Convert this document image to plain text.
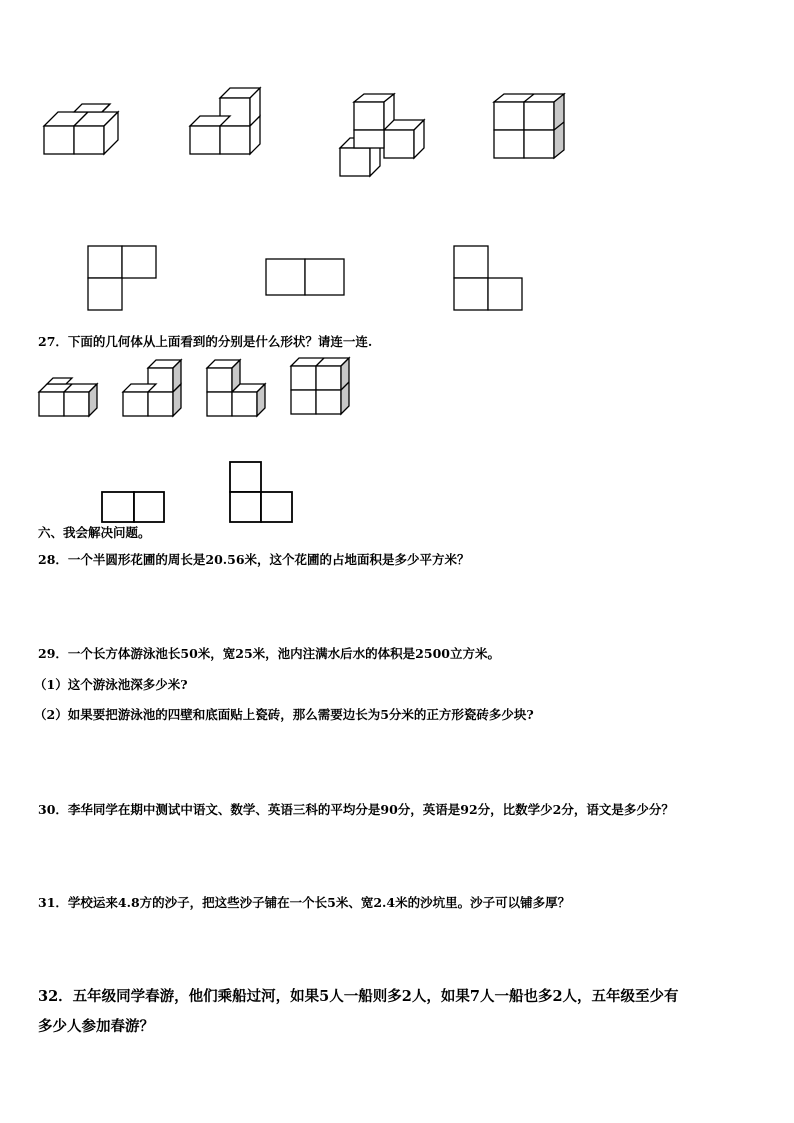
27．下面的几何体从上面看到的分别是什么形状？请连一连.
六、我会解决问题。
28．一个半圆形花圃的周长是20.56米，这个花圃的占地面积是多少平方米？
29．一个长方体游泳池长50米，宽25米，池内注满水后水的体积是2500立方米。
（1）这个游泳池深多少米?
（2）如果要把游泳池的四壁和底面贴上瓷砖，那么需要边长为5分米的正方形瓷砖多少块?
30．李华同学在期中测试中语文、数学、英语三科的平均分是90分，英语是92分，比数学少2分，语文是多少分？
31．学校运来4.8方的沙子，把这些沙子铺在一个长5米、宽2.4米的沙坑里。沙子可以铺多厚？
32．五年级同学春游，他们乘船过河，如果5人一船则多2人，如果7人一船也多2人，五年级至少有
多少人参加春游？
